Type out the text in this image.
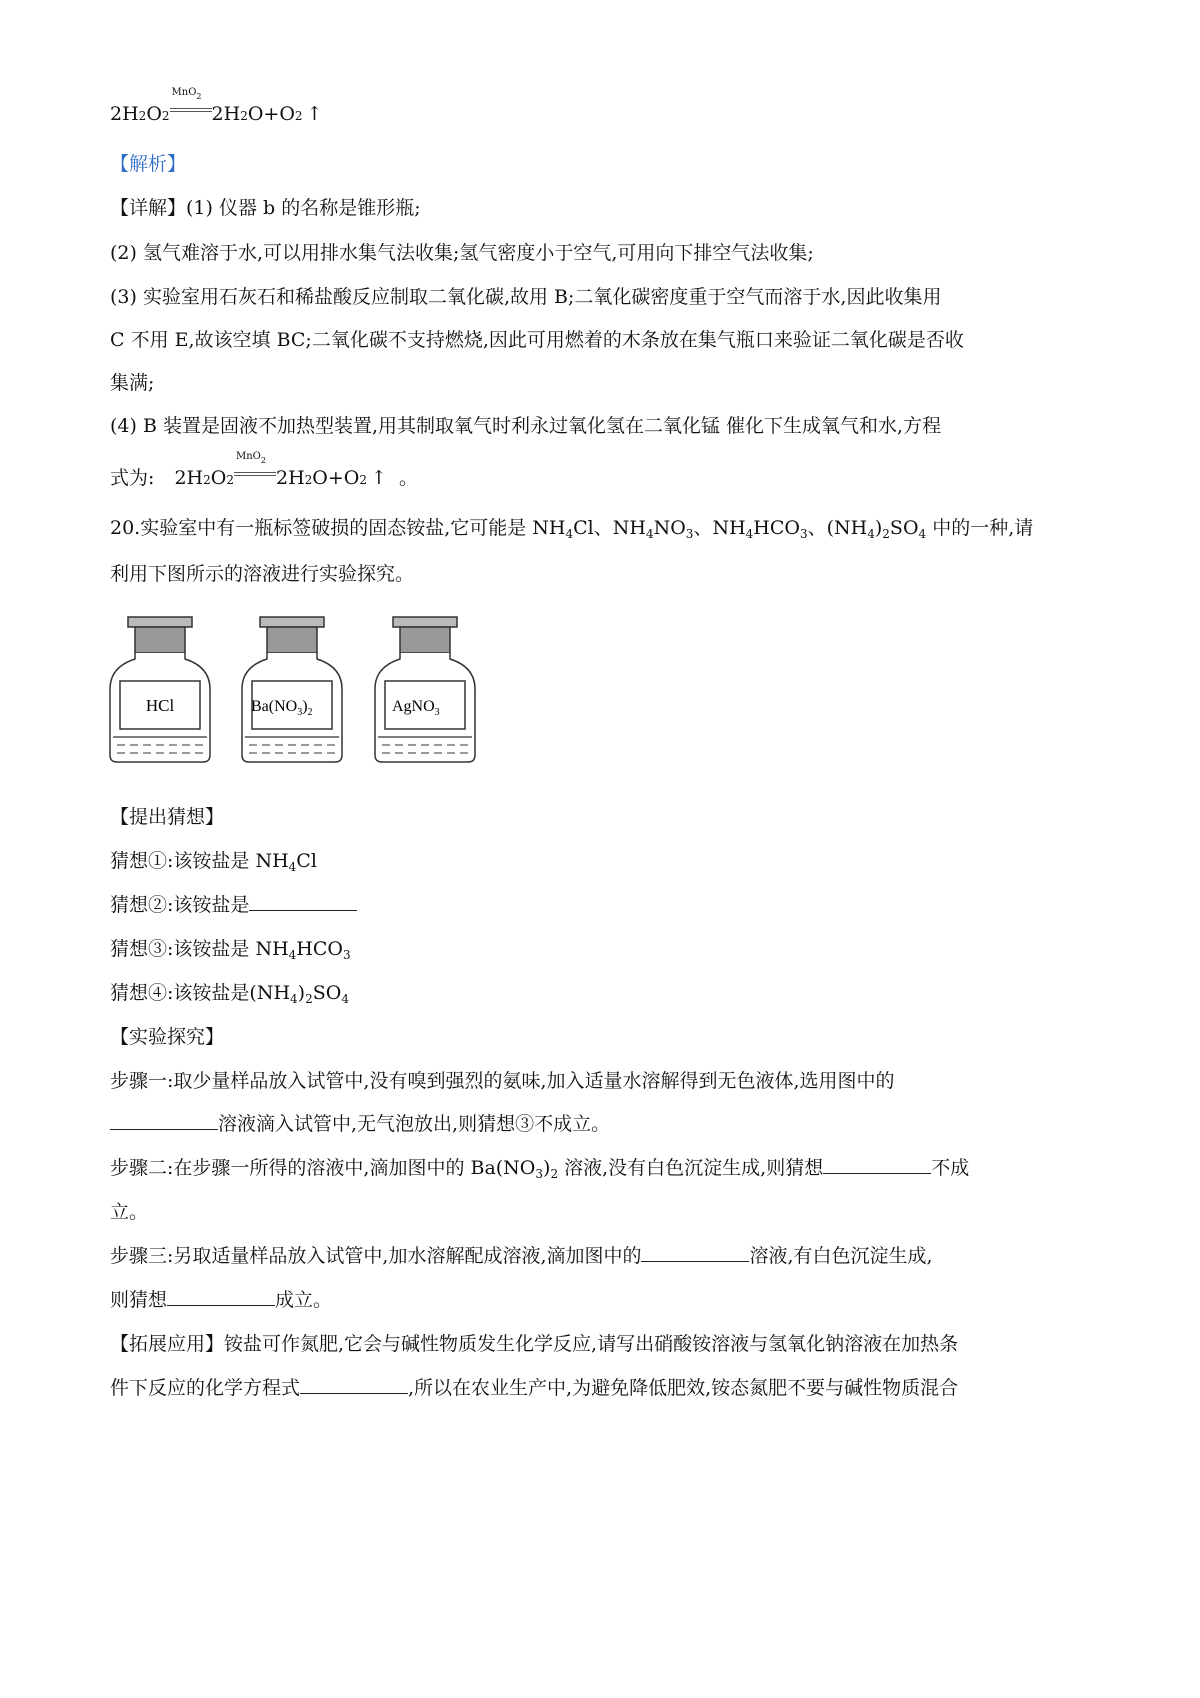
2H 2 O 2
MnO$_2$
2H 2 O+O 2 ↑
【解析】
【详解】(1) 仪器 b 的名称是锥形瓶;
(2) 氢气难溶于水,可以用排水集气法收集;氢气密度小于空气,可用向下排空气法收集;
(3) 实验室用石灰石和稀盐酸反应制取二氧化碳,故用 B;二氧化碳密度重于空气而溶于水,因此收集用
C 不用 E,故该空填 BC;二氧化碳不支持燃烧,因此可用燃着的木条放在集气瓶口来验证二氧化碳是否收
集满;
(4) B 装置是固液不加热型装置,用其制取氧气时利永过氧化氢在二氧化锰 催化下生成氧气和水,方程
式为: 2H 2 O 2
MnO$_2$
2H 2 O+O 2 ↑ 。
20.实验室中有一瓶标签破损的固态铵盐,它可能是 $NH_4Cl$、$NH_4NO_3$、$NH_4HCO_3$、$(NH_4)_2SO_4$ 中的一种,请
利用下图所示的溶液进行实验探究。
【提出猜想】
猜想①:该铵盐是 $NH_4Cl$
猜想②:该铵盐是
猜想③:该铵盐是 $NH_4HCO_3$
猜想④:该铵盐是$(NH_4)_2SO_4$
【实验探究】
步骤一:取少量样品放入试管中,没有嗅到强烈的氨味,加入适量水溶解得到无色液体,选用图中的
溶液滴入试管中,无气泡放出,则猜想③不成立。
步骤二:在步骤一所得的溶液中,滴加图中的 $Ba(NO_3)_2$ 溶液,没有白色沉淀生成,则猜想	不成
立。
步骤三:另取适量样品放入试管中,加水溶解配成溶液,滴加图中的	溶液,有白色沉淀生成,
则猜想	成立。
【拓展应用】铵盐可作氮肥,它会与碱性物质发生化学反应,请写出硝酸铵溶液与氢氧化钠溶液在加热条
件下反应的化学方程式	,所以在农业生产中,为避免降低肥效,铵态氮肥不要与碱性物质混合
HCl	$Ba(NO_3)_2$	AgNO$_3$
